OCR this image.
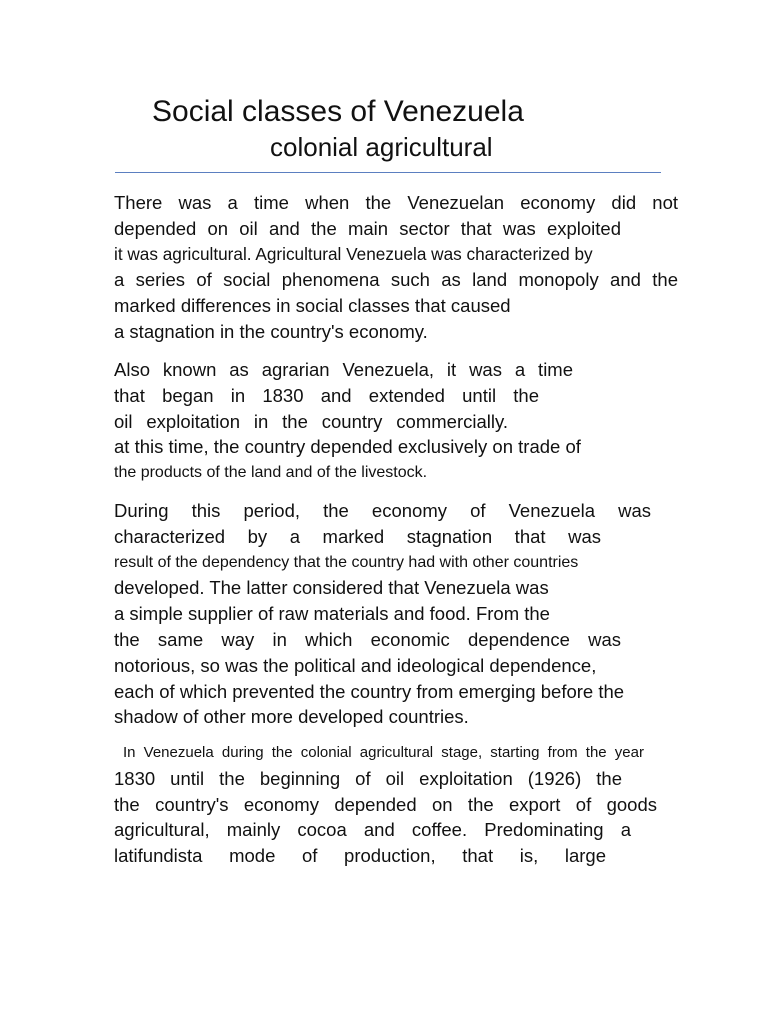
Social classes of Venezuela
colonial agricultural
There was a time when the Venezuelan economy did not
depended on oil and the main sector that was exploited
it was agricultural. Agricultural Venezuela was characterized by
a series of social phenomena such as land monopoly and the
marked differences in social classes that caused
a stagnation in the country's economy.
Also known as agrarian Venezuela, it was a time
that began in 1830 and extended until the
oil exploitation in the country commercially.
at this time, the country depended exclusively on trade of
the products of the land and of the livestock.
During this period, the economy of Venezuela was
characterized by a marked stagnation that was
result of the dependency that the country had with other countries
developed. The latter considered that Venezuela was
a simple supplier of raw materials and food. From the
the same way in which economic dependence was
notorious, so was the political and ideological dependence,
each of which prevented the country from emerging before the
shadow of other more developed countries.
In Venezuela during the colonial agricultural stage, starting from the year
1830 until the beginning of oil exploitation (1926) the
the country's economy depended on the export of goods
agricultural, mainly cocoa and coffee. Predominating a
latifundista mode of production, that is, large
